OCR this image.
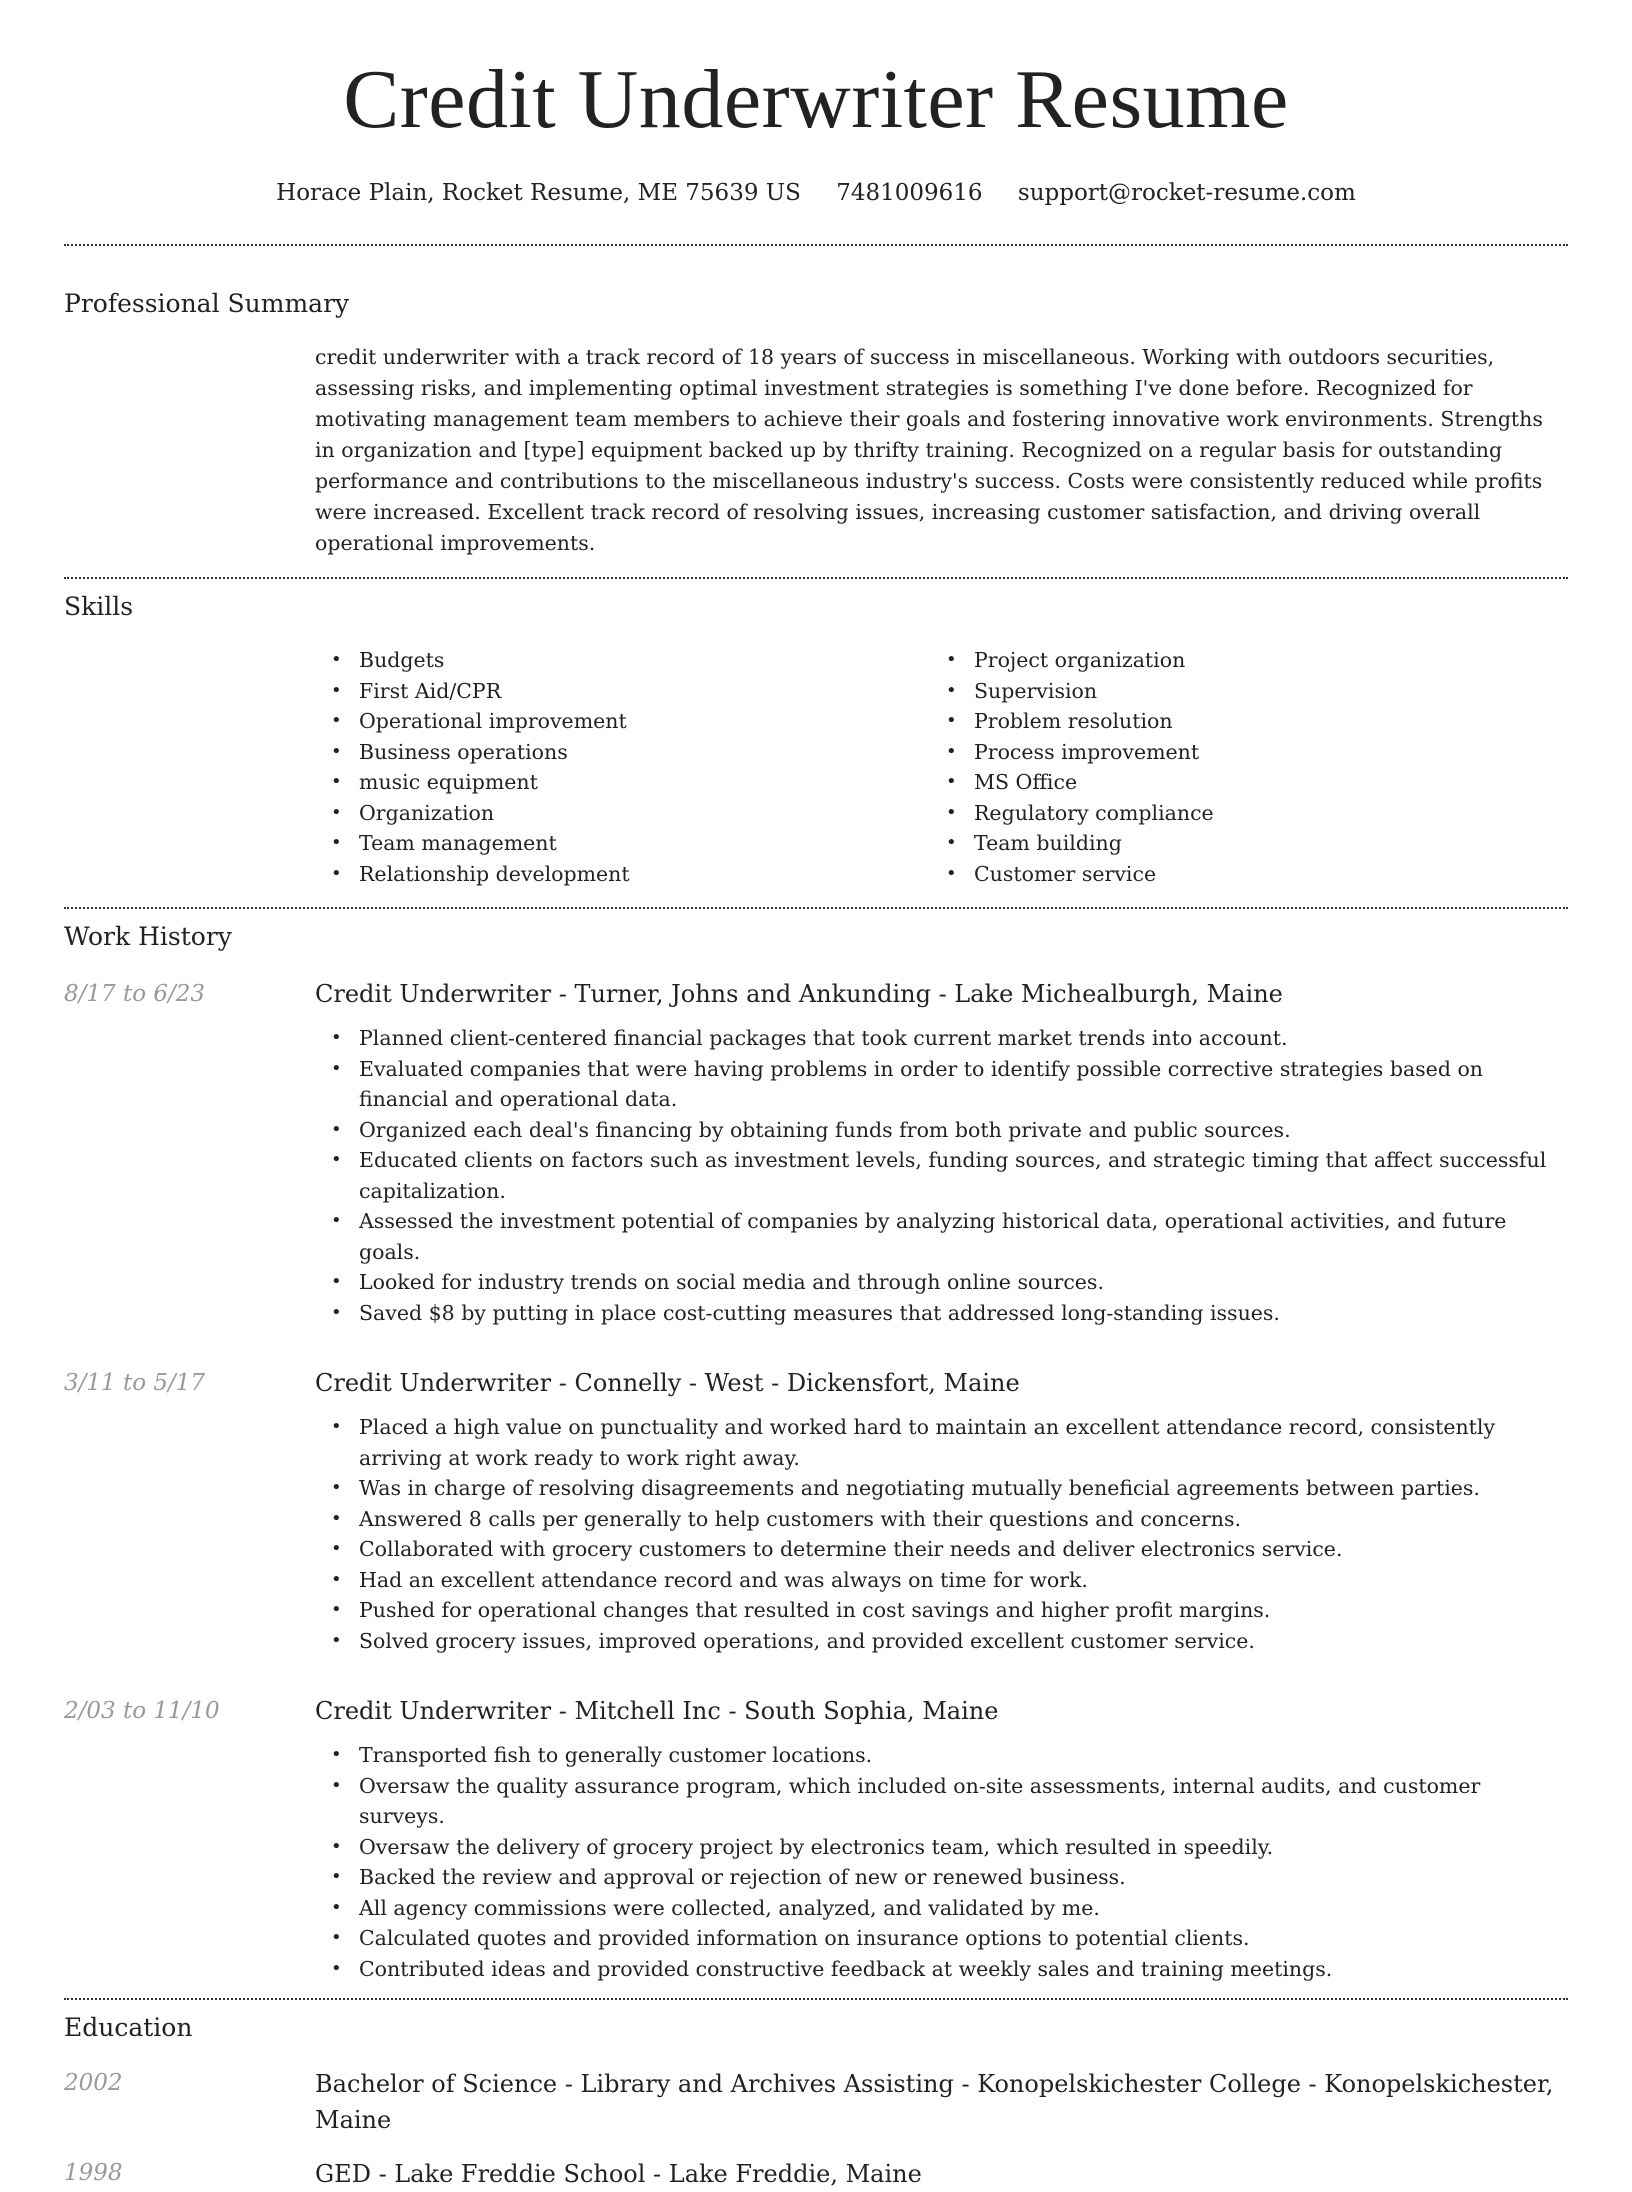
Credit Underwriter Resume
Horace Plain, Rocket Resume, ME 75639 US 7481009616 support@rocket-resume.com
Professional Summary
credit underwriter with a track record of 18 years of success in miscellaneous. Working with outdoors securities, assessing risks, and implementing optimal investment strategies is something I've done before. Recognized for motivating management team members to achieve their goals and fostering innovative work environments. Strengths in organization and [type] equipment backed up by thrifty training. Recognized on a regular basis for outstanding performance and contributions to the miscellaneous industry's success. Costs were consistently reduced while profits were increased. Excellent track record of resolving issues, increasing customer satisfaction, and driving overall operational improvements.
Skills
• Budgets
• First Aid/CPR
• Operational improvement
• Business operations
• music equipment
• Organization
• Team management
• Relationship development
• Project organization
• Supervision
• Problem resolution
• Process improvement
• MS Office
• Regulatory compliance
• Team building
• Customer service
Work History
8/17 to 6/23	Credit Underwriter - Turner, Johns and Ankunding - Lake Michealburgh, Maine
• Planned client-centered financial packages that took current market trends into account.
• Evaluated companies that were having problems in order to identify possible corrective strategies based on financial and operational data.
• Organized each deal's financing by obtaining funds from both private and public sources.
• Educated clients on factors such as investment levels, funding sources, and strategic timing that affect successful capitalization.
• Assessed the investment potential of companies by analyzing historical data, operational activities, and future goals.
• Looked for industry trends on social media and through online sources.
• Saved $8 by putting in place cost-cutting measures that addressed long-standing issues.
3/11 to 5/17	Credit Underwriter - Connelly - West - Dickensfort, Maine
• Placed a high value on punctuality and worked hard to maintain an excellent attendance record, consistently arriving at work ready to work right away.
• Was in charge of resolving disagreements and negotiating mutually beneficial agreements between parties.
• Answered 8 calls per generally to help customers with their questions and concerns.
• Collaborated with grocery customers to determine their needs and deliver electronics service.
• Had an excellent attendance record and was always on time for work.
• Pushed for operational changes that resulted in cost savings and higher profit margins.
• Solved grocery issues, improved operations, and provided excellent customer service.
2/03 to 11/10	Credit Underwriter - Mitchell Inc - South Sophia, Maine
• Transported fish to generally customer locations.
• Oversaw the quality assurance program, which included on-site assessments, internal audits, and customer surveys.
• Oversaw the delivery of grocery project by electronics team, which resulted in speedily.
• Backed the review and approval or rejection of new or renewed business.
• All agency commissions were collected, analyzed, and validated by me.
• Calculated quotes and provided information on insurance options to potential clients.
• Contributed ideas and provided constructive feedback at weekly sales and training meetings.
Education
2002	Bachelor of Science - Library and Archives Assisting - Konopelskichester College - Konopelskichester, Maine
1998	GED - Lake Freddie School - Lake Freddie, Maine
